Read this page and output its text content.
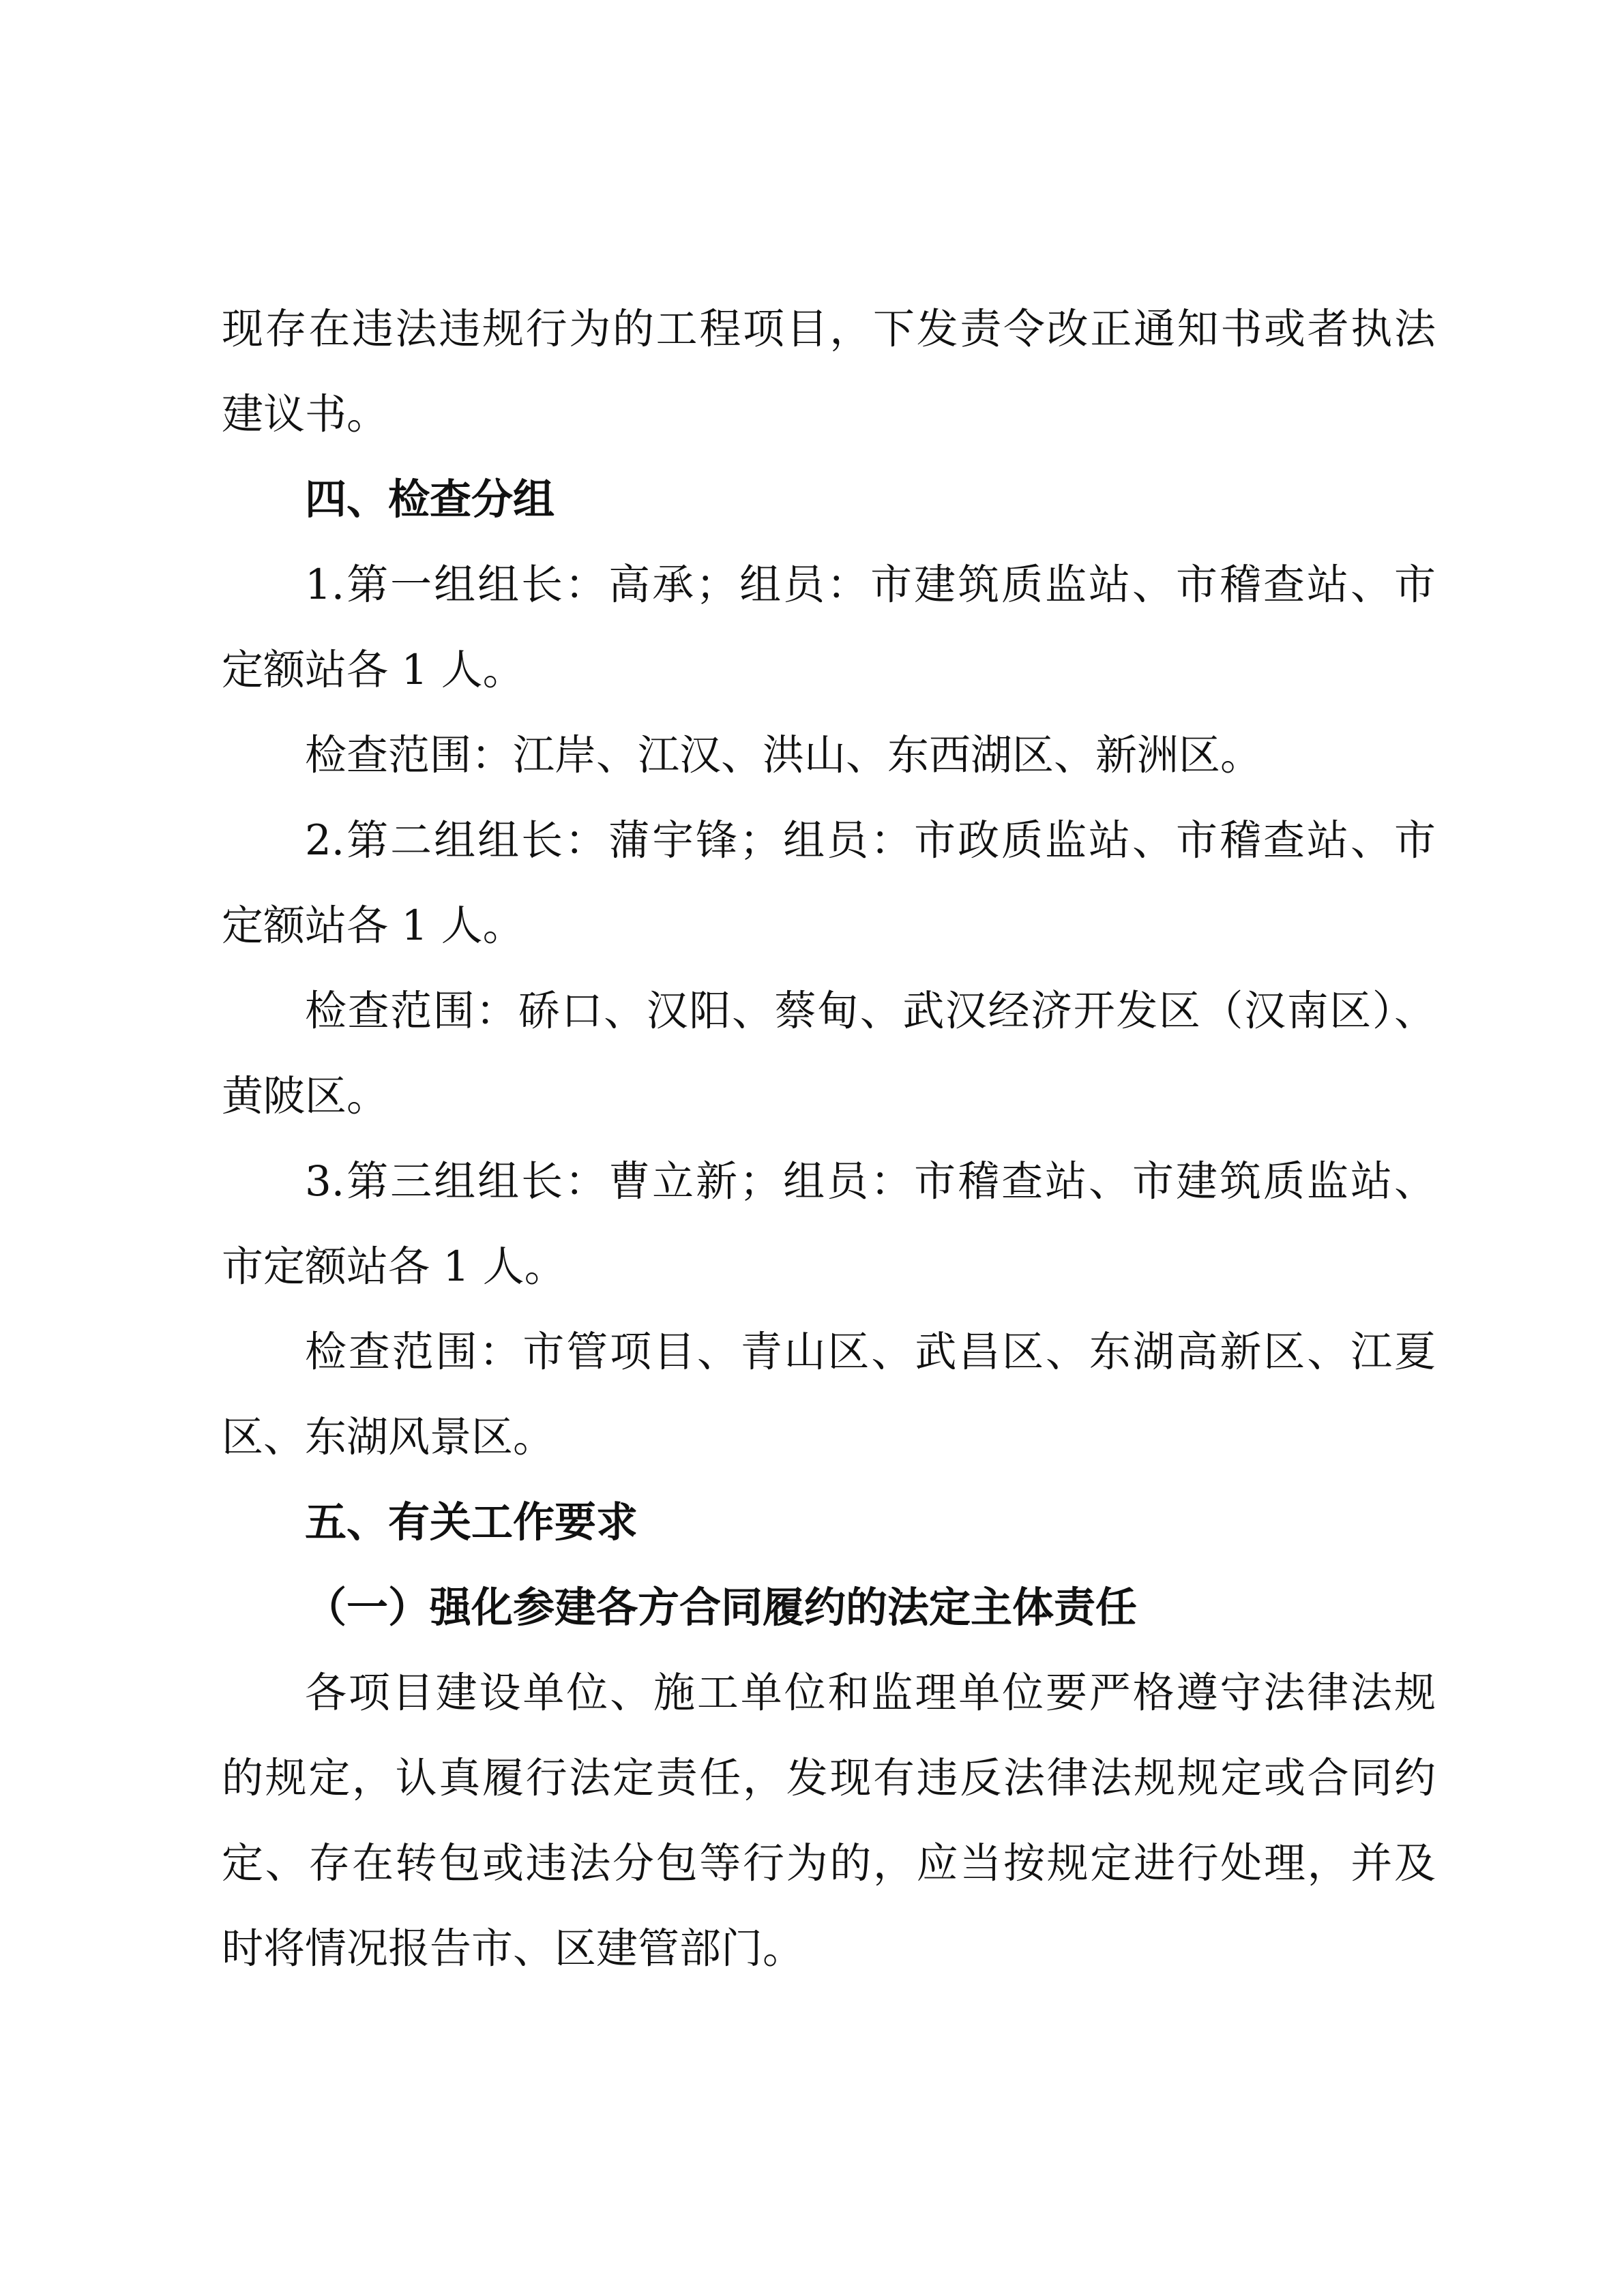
现存在违法违规行为的工程项目，下发责令改正通知书或者执法
建议书。
四、检查分组
1.第一组组长：高承；组员：市建筑质监站、市稽查站、市
定额站各 1 人。
检查范围：江岸、江汉、洪山、东西湖区、新洲区。
2.第二组组长：蒲宇锋；组员：市政质监站、市稽查站、市
定额站各 1 人。
检查范围：硚口、汉阳、蔡甸、武汉经济开发区（汉南区）、
黄陂区。
3.第三组组长：曹立新；组员：市稽查站、市建筑质监站、
市定额站各 1 人。
检查范围：市管项目、青山区、武昌区、东湖高新区、江夏
区、东湖风景区。
五、有关工作要求
（一）强化参建各方合同履约的法定主体责任
各项目建设单位、施工单位和监理单位要严格遵守法律法规
的规定，认真履行法定责任，发现有违反法律法规规定或合同约
定、存在转包或违法分包等行为的，应当按规定进行处理，并及
时将情况报告市、区建管部门。
